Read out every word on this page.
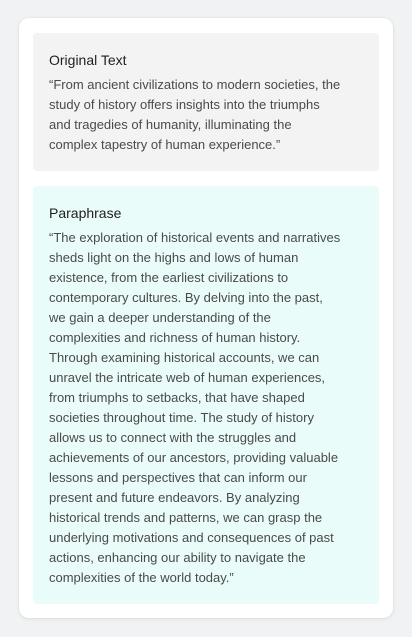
Original Text

“From ancient civilizations to modern societies, the
study of history offers insights into the triumphs
and tragedies of humanity, illuminating the
complex tapestry of human experience.”

Paraphrase

“The exploration of historical events and narratives
sheds light on the highs and lows of human
existence, from the earliest civilizations to
contemporary cultures. By delving into the past,
we gain a deeper understanding of the
complexities and richness of human history.
Through examining historical accounts, we can
unravel the intricate web of human experiences,
from triumphs to setbacks, that have shaped
societies throughout time. The study of history
allows us to connect with the struggles and
achievements of our ancestors, providing valuable
lessons and perspectives that can inform our
present and future endeavors. By analyzing
historical trends and patterns, we can grasp the
underlying motivations and consequences of past
actions, enhancing our ability to navigate the
complexities of the world today.”
